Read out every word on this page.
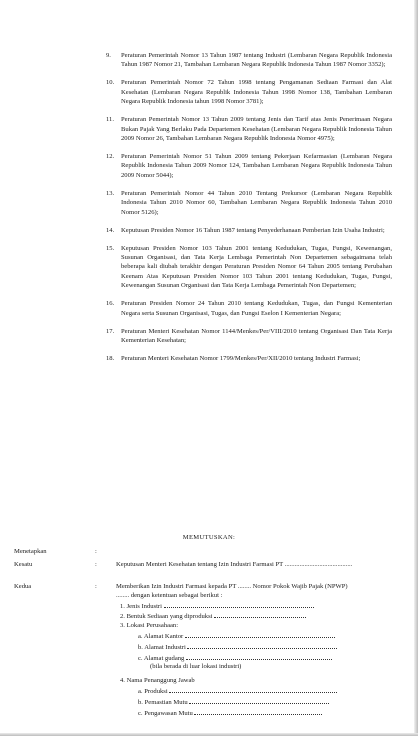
9. Peraturan Pemerintah Nomor 13 Tahun 1987 tentang Industri (Lembaran Negara Republik Indonesia Tahun 1987 Nomor 21, Tambahan Lembaran Negara Republik Indonesia Tahun 1987 Nomor 3352);
10. Peraturan Pemerintah Nomor 72 Tahun 1998 tentang Pengamanan Sediaan Farmasi dan Alat Kesehatan (Lembaran Negara Republik Indonesia Tahun 1998 Nomor 138, Tambahan Lembaran Negara Republik Indonesia tahun 1998 Nomor 3781);
11. Peraturan Pemerintah Nomor 13 Tahun 2009 tentang Jenis dan Tarif atas Jenis Penerimaan Negara Bukan Pajak Yang Berlaku Pada Departemen Kesehatan (Lembaran Negara Republik Indonesia Tahun 2009 Nomor 26, Tambahan Lembaran Negara Republik Indonesia Nomor 4975);
12. Peraturan Pemerintah Nomor 51 Tahun 2009 tentang Pekerjaan Kefarmasian (Lembaran Negara Republik Indonesia Tahun 2009 Nomor 124, Tambahan Lembaran Negara Republik Indonesia Tahun 2009 Nomor 5044);
13. Peraturan Pemerintah Nomor 44 Tahun 2010 Tentang Prekursor (Lembaran Negara Republik Indonesia Tahun 2010 Nomor 60, Tambahan Lembaran Negara Republik Indonesia Tahun 2010 Nomor 5126);
14. Keputusan Presiden Nomor 16 Tahun 1987 tentang Penyederhanaan Pemberian Izin Usaha Industri;
15. Keputusan Presiden Nomor 103 Tahun 2001 tentang Kedudukan, Tugas, Fungsi, Kewenangan, Susunan Organisasi, dan Tata Kerja Lembaga Pemerintah Non Departemen sebagaimana telah beberapa kali diubah terakhir dengan Peraturan Presiden Nomor 64 Tahun 2005 tentang Perubahan Keenam Atas Keputusan Presiden Nomor 103 Tahun 2001 tentang Kedudukan, Tugas, Fungsi, Kewenangan Susunan Organisasi dan Tata Kerja Lembaga Pemerintah Non Departemen;
16. Peraturan Presiden Nomor 24 Tahun 2010 tentang Kedudukan, Tugas, dan Fungsi Kementerian Negara serta Susunan Organisasi, Tugas, dan Fungsi Eselon I Kementerian Negara;
17. Peraturan Menteri Kesehatan Nomor 1144/Menkes/Per/VIII/2010 tentang Organisasi Dan Tata Kerja Kementerian Kesehatan;
18. Peraturan Menteri Kesehatan Nomor 1799/Menkes/Per/XII/2010 tentang Industri Farmasi;
MEMUTUSKAN:
Menetapkan	:
Kesatu	:	Keputusan Menteri Kesehatan tentang Izin Industri Farmasi PT .........................................
Kedua	:	Memberikan Izin Industri Farmasi kepada PT ........ Nomor Pokok Wajib Pajak (NPWP) ........ dengan ketentuan sebagai berikut :
1. Jenis Industri
2. Bentuk Sediaan yang diproduksi
3. Lokasi Perusahaan:
a. Alamat Kantor
b. Alamat Industri
c. Alamat gudang
(bila berada di luar lokasi industri)
4. Nama Penanggung Jawab
a. Produksi
b. Pemastian Mutu
c. Pengawasan Mutu
